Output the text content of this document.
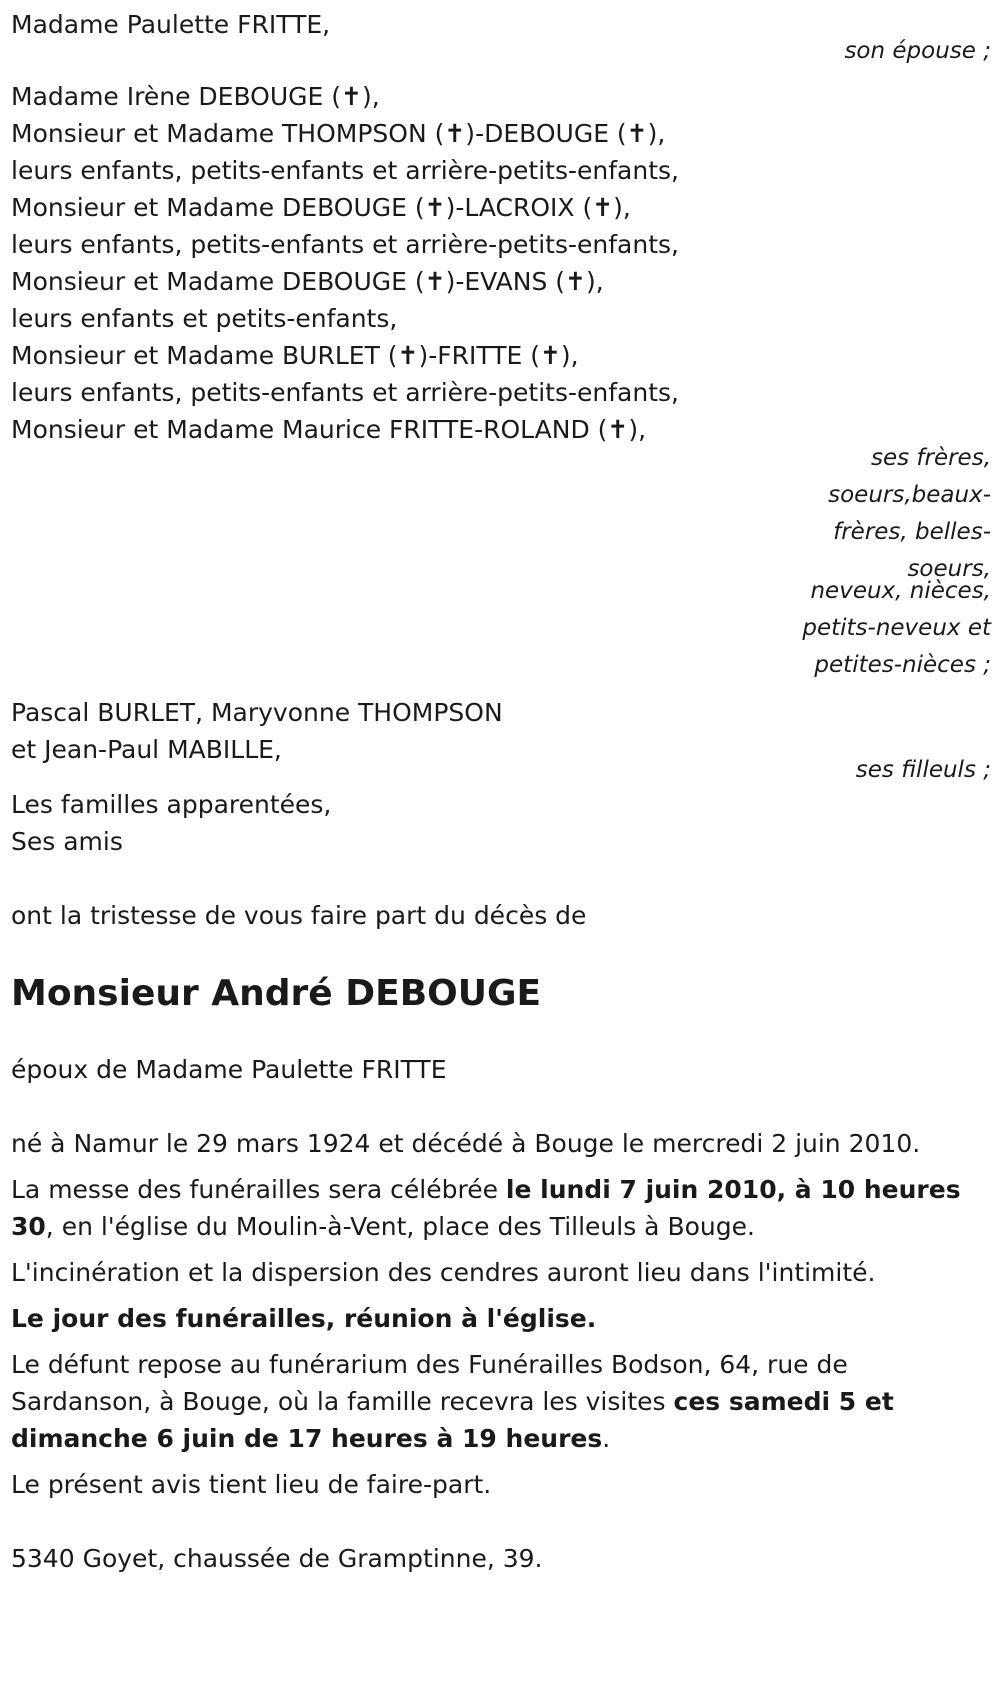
Madame Paulette FRITTE,
son épouse ;
Madame Irène DEBOUGE (✝),
Monsieur et Madame THOMPSON (✝)-DEBOUGE (✝),
leurs enfants, petits-enfants et arrière-petits-enfants,
Monsieur et Madame DEBOUGE (✝)-LACROIX (✝),
leurs enfants, petits-enfants et arrière-petits-enfants,
Monsieur et Madame DEBOUGE (✝)-EVANS (✝),
leurs enfants et petits-enfants,
Monsieur et Madame BURLET (✝)-FRITTE (✝),
leurs enfants, petits-enfants et arrière-petits-enfants,
Monsieur et Madame Maurice FRITTE-ROLAND (✝),
ses frères,
soeurs,beaux-
frères, belles-
soeurs,
neveux, nièces,
petits-neveux et
petites-nièces ;
Pascal BURLET, Maryvonne THOMPSON
et Jean-Paul MABILLE,
ses filleuls ;
Les familles apparentées,
Ses amis

ont la tristesse de vous faire part du décès de

Monsieur André DEBOUGE

époux de Madame Paulette FRITTE

né à Namur le 29 mars 1924 et décédé à Bouge le mercredi 2 juin 2010.

La messe des funérailles sera célébrée le lundi 7 juin 2010, à 10 heures 30, en l'église du Moulin-à-Vent, place des Tilleuls à Bouge.

L'incinération et la dispersion des cendres auront lieu dans l'intimité.

Le jour des funérailles, réunion à l'église.

Le défunt repose au funérarium des Funérailles Bodson, 64, rue de Sardanson, à Bouge, où la famille recevra les visites ces samedi 5 et dimanche 6 juin de 17 heures à 19 heures.

Le présent avis tient lieu de faire-part.

5340 Goyet, chaussée de Gramptinne, 39.
